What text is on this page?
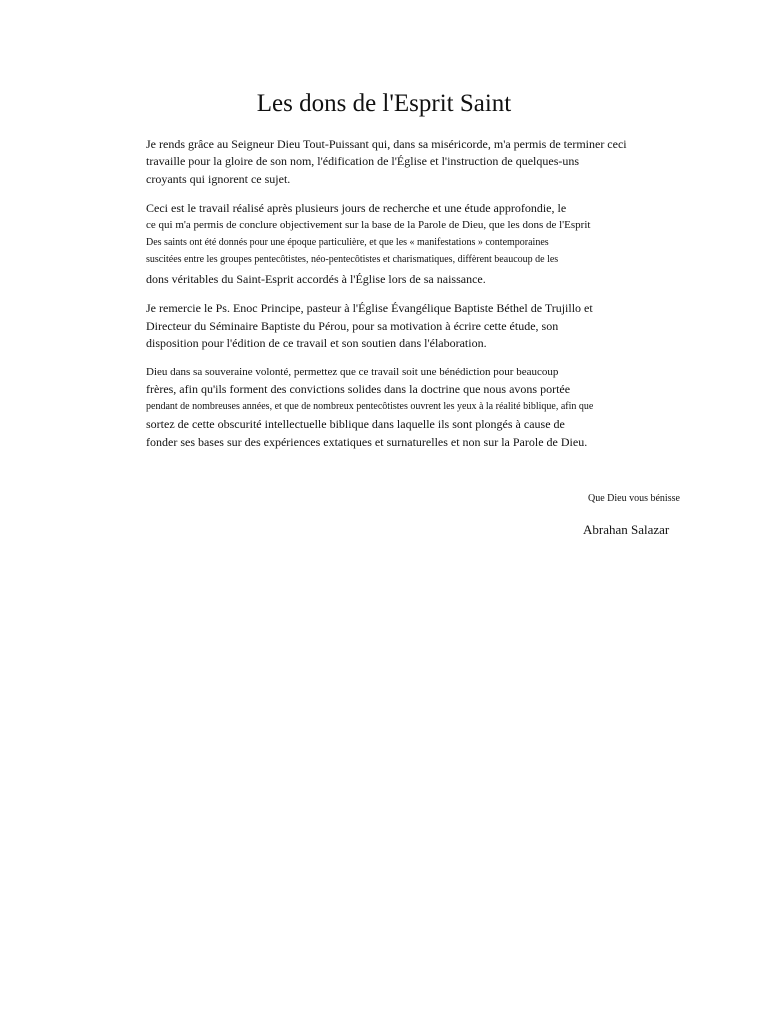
Les dons de l'Esprit Saint
Je rends grâce au Seigneur Dieu Tout-Puissant qui, dans sa miséricorde, m'a permis de terminer ceci
travaille pour la gloire de son nom, l'édification de l'Église et l'instruction de quelques-uns
croyants qui ignorent ce sujet.
Ceci est le travail réalisé après plusieurs jours de recherche et une étude approfondie, le
ce qui m'a permis de conclure objectivement sur la base de la Parole de Dieu, que les dons de l'Esprit
Des saints ont été donnés pour une époque particulière, et que les « manifestations » contemporaines
suscitées entre les groupes pentecôtistes, néo-pentecôtistes et charismatiques, diffèrent beaucoup de les
dons véritables du Saint-Esprit accordés à l'Église lors de sa naissance.
Je remercie le Ps. Enoc Principe, pasteur à l'Église Évangélique Baptiste Béthel de Trujillo et
Directeur du Séminaire Baptiste du Pérou, pour sa motivation à écrire cette étude, son
disposition pour l'édition de ce travail et son soutien dans l'élaboration.
Dieu dans sa souveraine volonté, permettez que ce travail soit une bénédiction pour beaucoup
frères, afin qu'ils forment des convictions solides dans la doctrine que nous avons portée
pendant de nombreuses années, et que de nombreux pentecôtistes ouvrent les yeux à la réalité biblique, afin que
sortez de cette obscurité intellectuelle biblique dans laquelle ils sont plongés à cause de
fonder ses bases sur des expériences extatiques et surnaturelles et non sur la Parole de Dieu.
Que Dieu vous bénisse
Abrahan Salazar
